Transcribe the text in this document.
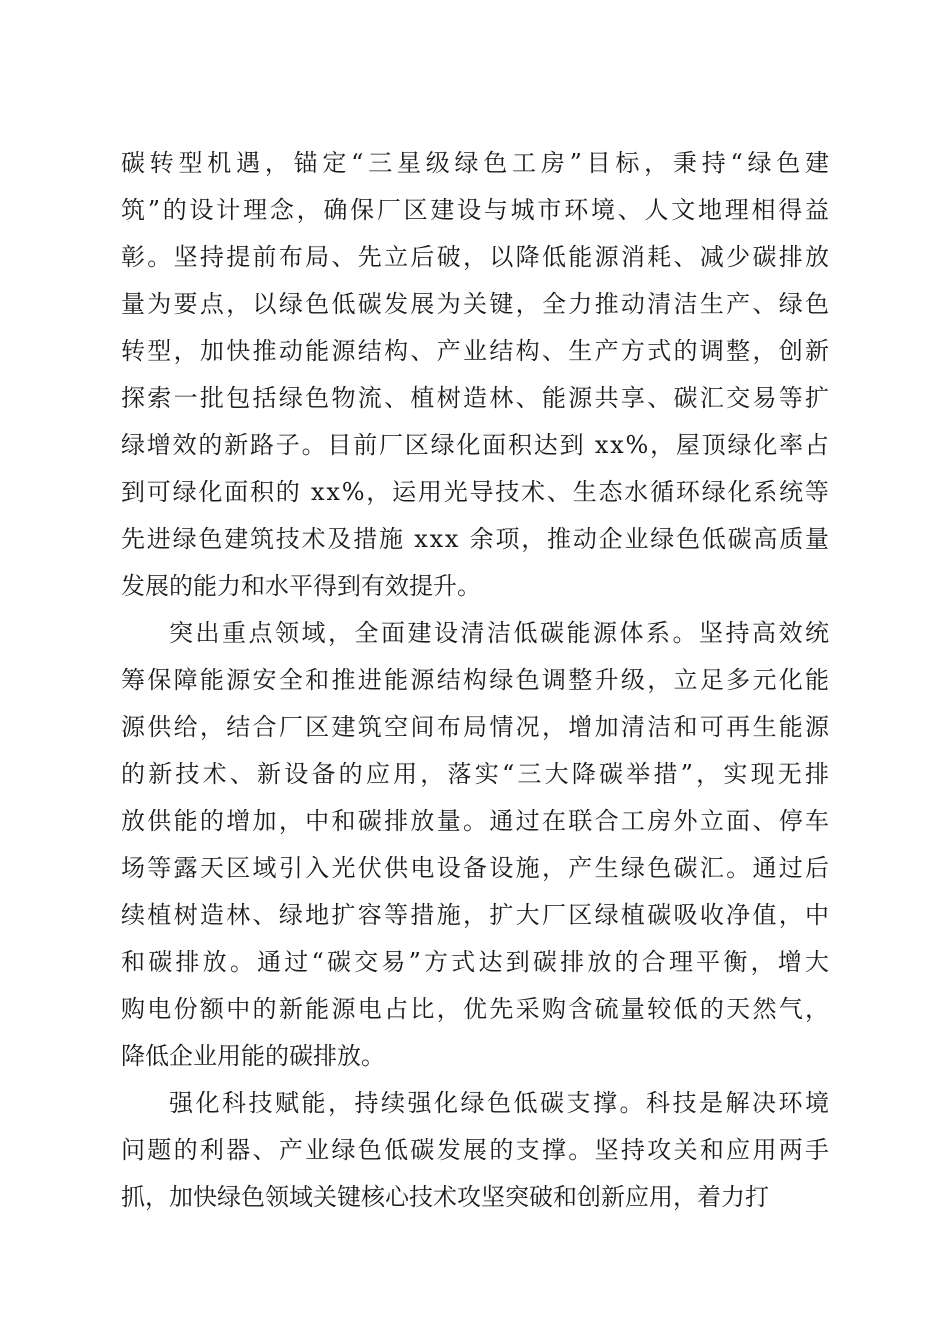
碳转型机遇，锚定“三星级绿色工房”目标，秉持“绿色建
筑”的设计理念，确保厂区建设与城市环境、人文地理相得益
彰。坚持提前布局、先立后破，以降低能源消耗、减少碳排放
量为要点，以绿色低碳发展为关键，全力推动清洁生产、绿色
转型，加快推动能源结构、产业结构、生产方式的调整，创新
探索一批包括绿色物流、植树造林、能源共享、碳汇交易等扩
绿增效的新路子。目前厂区绿化面积达到 xx%，屋顶绿化率占
到可绿化面积的 xx%，运用光导技术、生态水循环绿化系统等
先进绿色建筑技术及措施 xxx 余项，推动企业绿色低碳高质量
发展的能力和水平得到有效提升。
突出重点领域，全面建设清洁低碳能源体系。坚持高效统
筹保障能源安全和推进能源结构绿色调整升级，立足多元化能
源供给，结合厂区建筑空间布局情况，增加清洁和可再生能源
的新技术、新设备的应用，落实“三大降碳举措”，实现无排
放供能的增加，中和碳排放量。通过在联合工房外立面、停车
场等露天区域引入光伏供电设备设施，产生绿色碳汇。通过后
续植树造林、绿地扩容等措施，扩大厂区绿植碳吸收净值，中
和碳排放。通过“碳交易”方式达到碳排放的合理平衡，增大
购电份额中的新能源电占比，优先采购含硫量较低的天然气，
降低企业用能的碳排放。
强化科技赋能，持续强化绿色低碳支撑。科技是解决环境
问题的利器、产业绿色低碳发展的支撑。坚持攻关和应用两手
抓，加快绿色领域关键核心技术攻坚突破和创新应用，着力打
